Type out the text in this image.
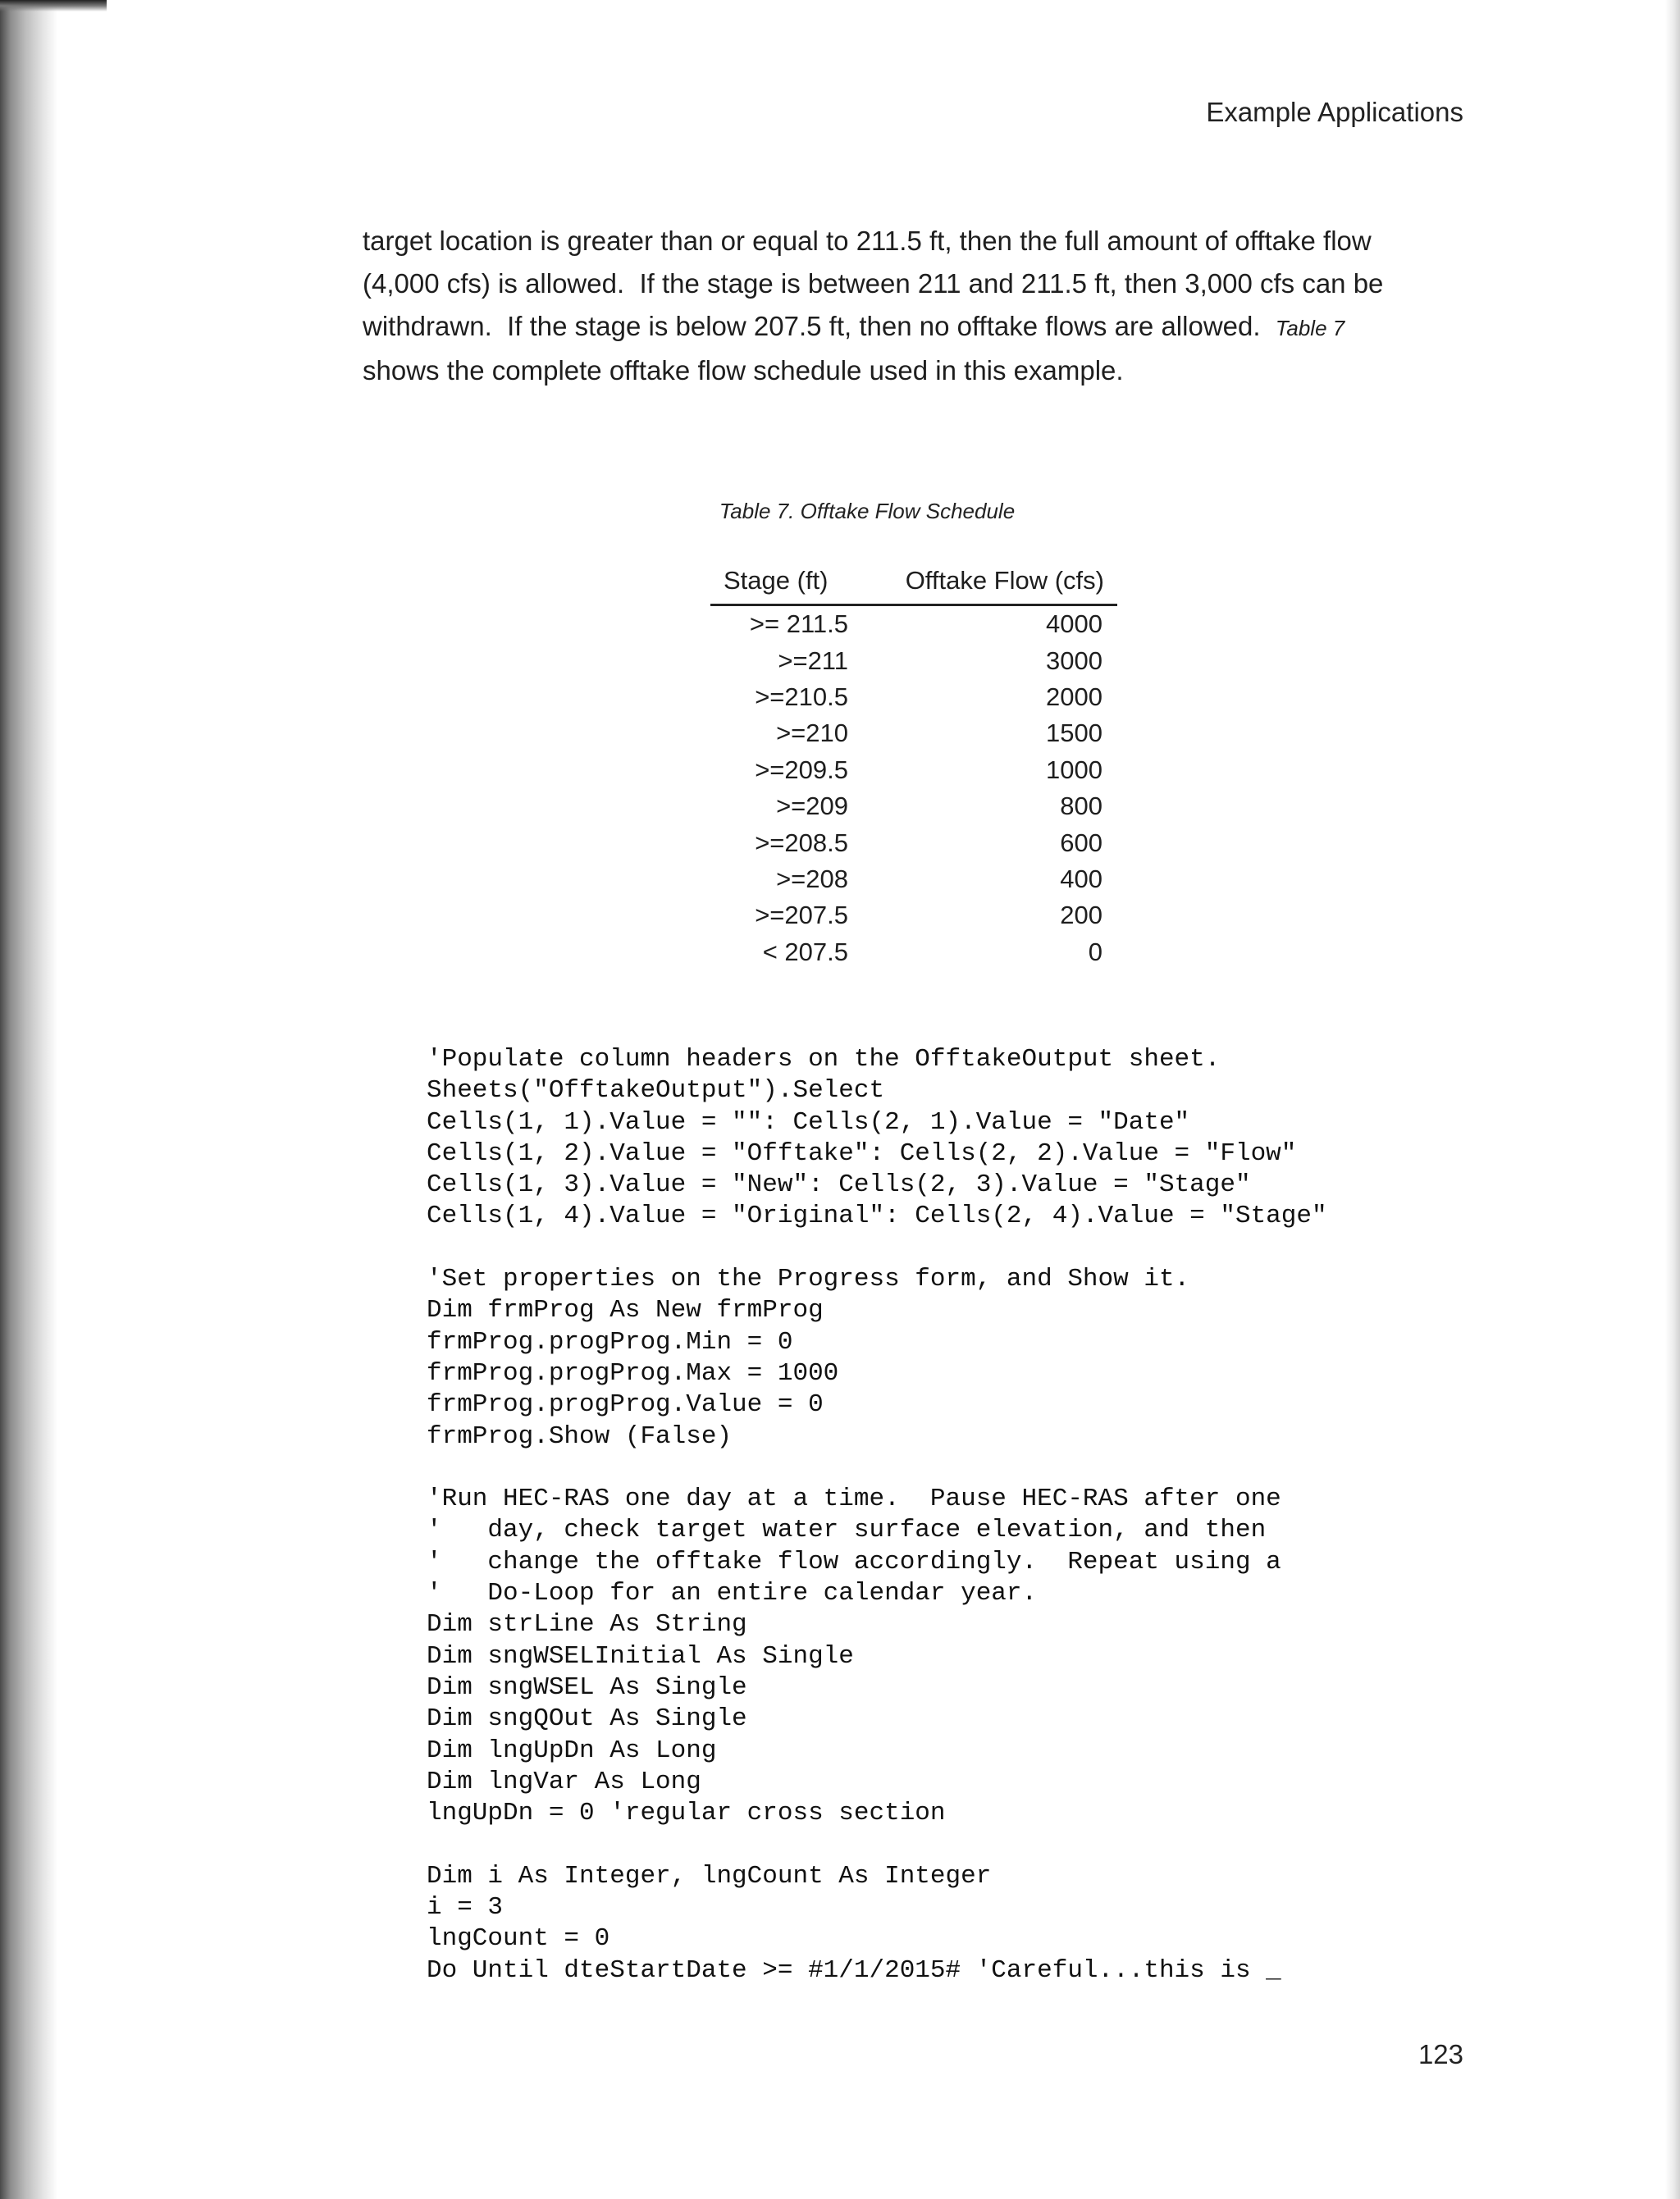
Example Applications
target location is greater than or equal to 211.5 ft, then the full amount of offtake flow
(4,000 cfs) is allowed.  If the stage is between 211 and 211.5 ft, then 3,000 cfs can be
withdrawn.  If the stage is below 207.5 ft, then no offtake flows are allowed.  Table 7
shows the complete offtake flow schedule used in this example.
Table 7. Offtake Flow Schedule
Stage (ft)	Offtake Flow (cfs)
>= 211.5	4000
>=211	3000
>=210.5	2000
>=210	1500
>=209.5	1000
>=209	800
>=208.5	600
>=208	400
>=207.5	200
< 207.5	0
'Populate column headers on the OfftakeOutput sheet.
Sheets("OfftakeOutput").Select
Cells(1, 1).Value = "": Cells(2, 1).Value = "Date"
Cells(1, 2).Value = "Offtake": Cells(2, 2).Value = "Flow"
Cells(1, 3).Value = "New": Cells(2, 3).Value = "Stage"
Cells(1, 4).Value = "Original": Cells(2, 4).Value = "Stage"
'Set properties on the Progress form, and Show it.
Dim frmProg As New frmProg
frmProg.progProg.Min = 0
frmProg.progProg.Max = 1000
frmProg.progProg.Value = 0
frmProg.Show (False)
'Run HEC-RAS one day at a time.  Pause HEC-RAS after one
'   day, check target water surface elevation, and then
'   change the offtake flow accordingly.  Repeat using a
'   Do-Loop for an entire calendar year.
Dim strLine As String
Dim sngWSELInitial As Single
Dim sngWSEL As Single
Dim sngQOut As Single
Dim lngUpDn As Long
Dim lngVar As Long
lngUpDn = 0 'regular cross section
Dim i As Integer, lngCount As Integer
i = 3
lngCount = 0
Do Until dteStartDate >= #1/1/2015# 'Careful...this is _
123
